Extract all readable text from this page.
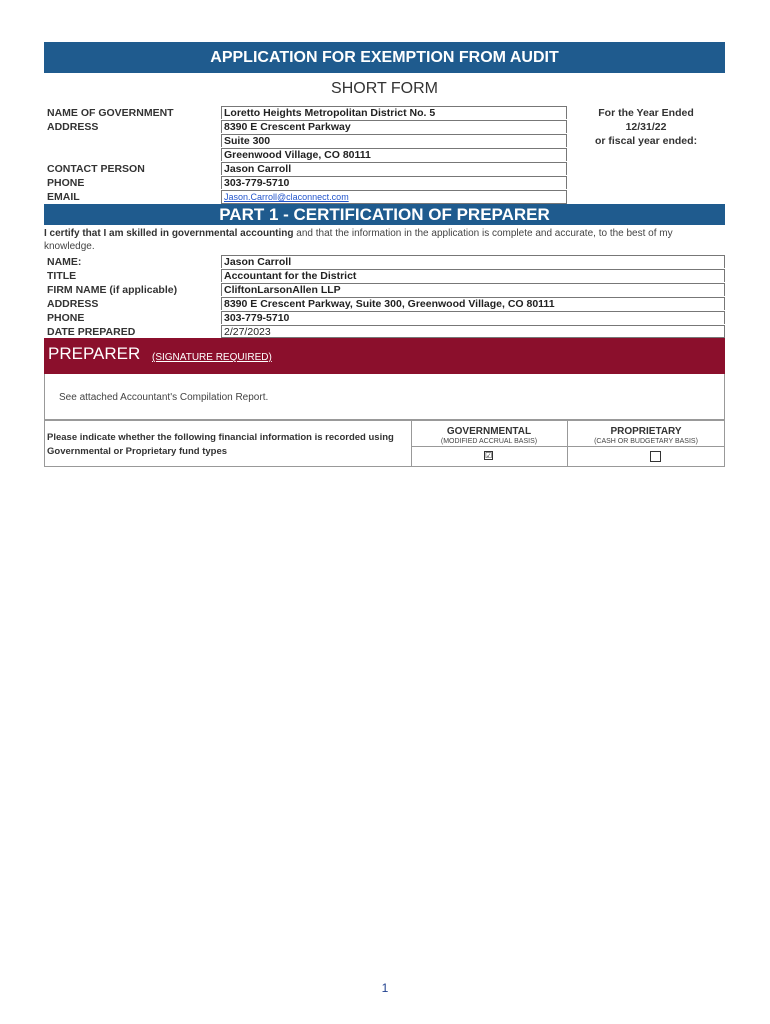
APPLICATION FOR EXEMPTION FROM AUDIT
SHORT FORM
NAME OF GOVERNMENT
ADDRESS
CONTACT PERSON
PHONE
EMAIL
Loretto Heights Metropolitan District No. 5
8390 E Crescent Parkway
Suite 300
Greenwood Village, CO 80111
Jason Carroll
303-779-5710
Jason.Carroll@claconnect.com
For the Year Ended
12/31/22
or fiscal year ended:
PART 1 - CERTIFICATION OF PREPARER
I certify that I am skilled in governmental accounting and that the information in the application is complete and accurate, to the best of my knowledge.
NAME:
TITLE
FIRM NAME (if applicable)
ADDRESS
PHONE
DATE PREPARED
Jason Carroll
Accountant for the District
CliftonLarsonAllen LLP
8390 E Crescent Parkway, Suite 300, Greenwood Village, CO 80111
303-779-5710
2/27/2023
PREPARER (SIGNATURE REQUIRED)
See attached Accountant's Compilation Report.
Please indicate whether the following financial information is recorded using Governmental or Proprietary fund types
GOVERNMENTAL
(MODIFIED ACCRUAL BASIS)
☑
PROPRIETARY
(CASH OR BUDGETARY BASIS)
1
